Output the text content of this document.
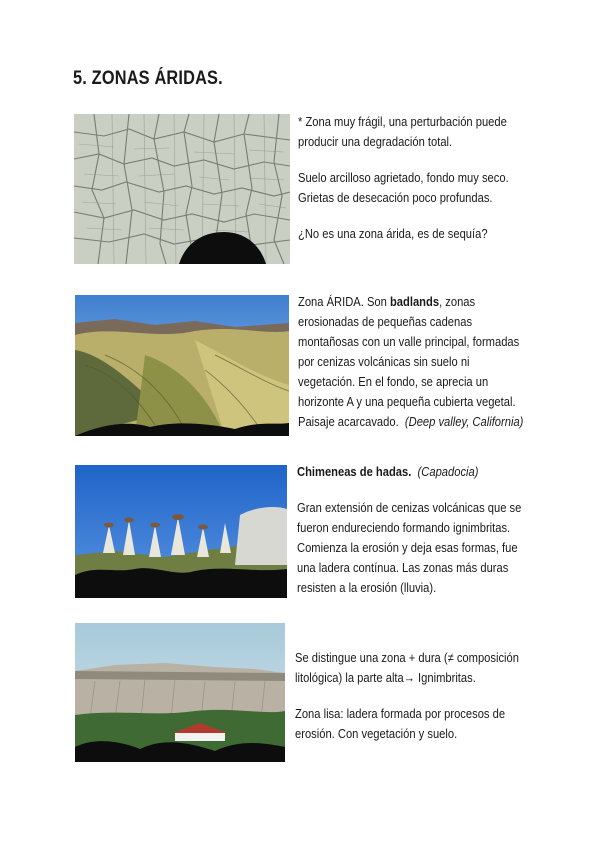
5. ZONAS ÁRIDAS.

* Zona muy frágil, una perturbación puede producir una degradación total.

Suelo arcilloso agrietado, fondo muy seco. Grietas de desecación poco profundas.

¿No es una zona árida, es de sequía?

Zona ÁRIDA. Son badlands, zonas erosionadas de pequeñas cadenas montañosas con un valle principal, formadas por cenizas volcánicas sin suelo ni vegetación. En el fondo, se aprecia un horizonte A y una pequeña cubierta vegetal. Paisaje acarcavado. (Deep valley, California)

Chimeneas de hadas. (Capadocia)

Gran extensión de cenizas volcánicas que se fueron endureciendo formando ignimbritas. Comienza la erosión y deja esas formas, fue una ladera contínua. Las zonas más duras resisten a la erosión (lluvia).

Se distingue una zona + dura (≠ composición litológica) la parte alta→ Ignimbritas.

Zona lisa: ladera formada por procesos de erosión. Con vegetación y suelo.
